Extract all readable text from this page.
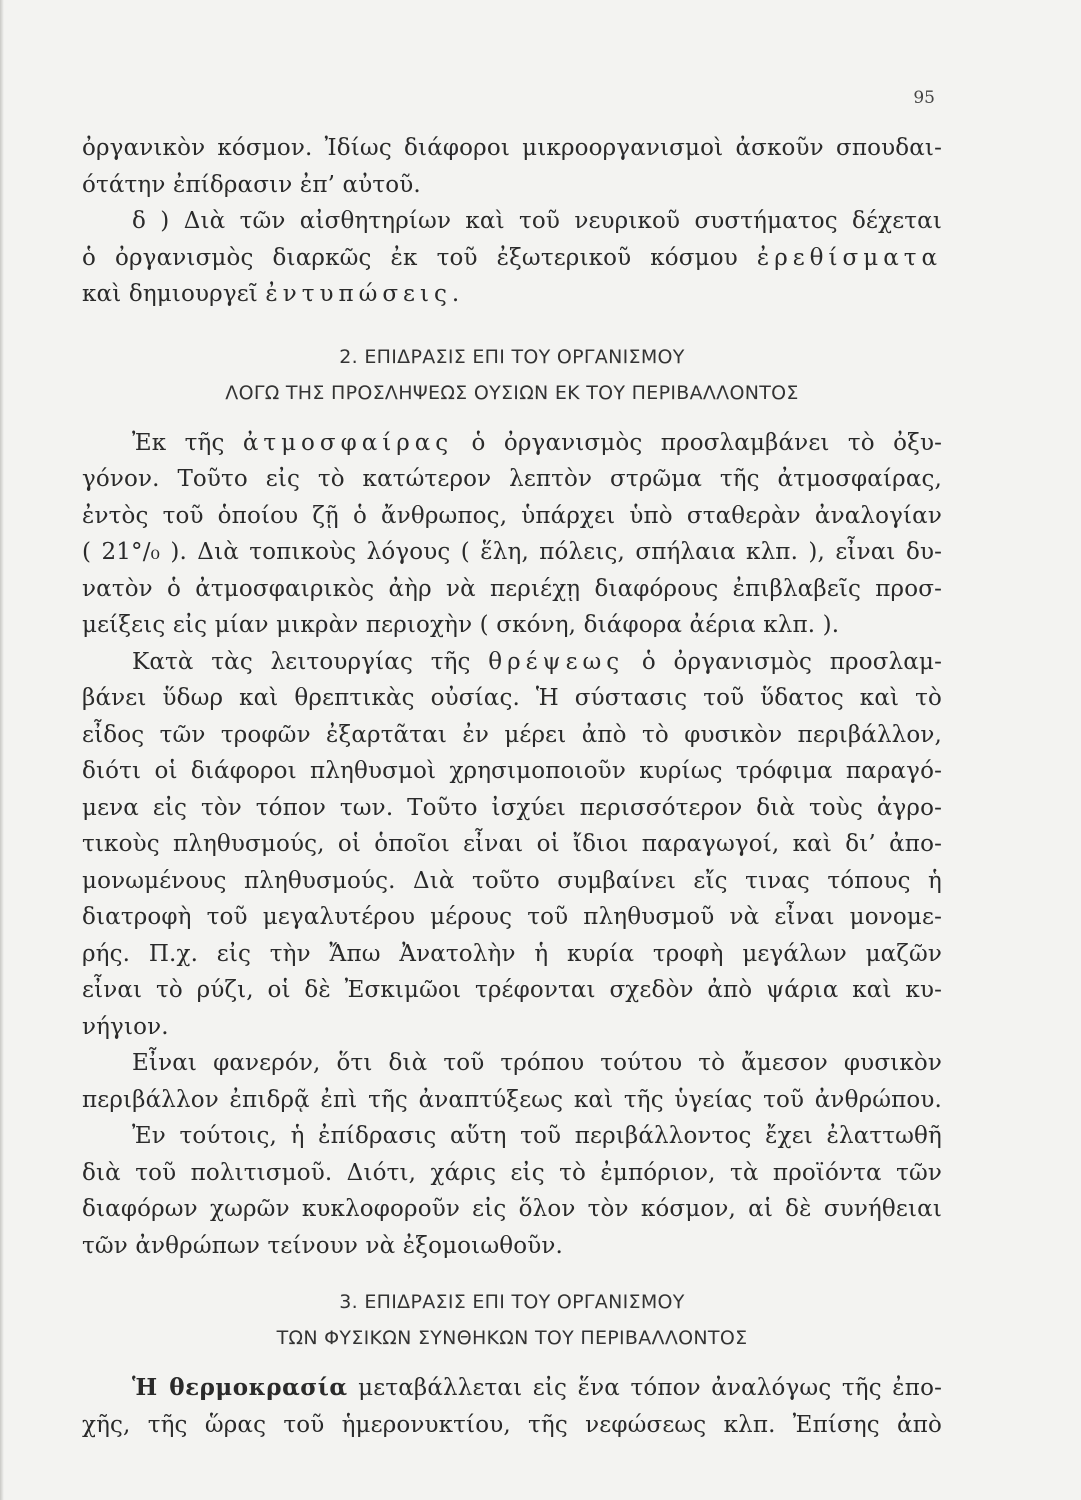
95
ὀργανικὸν κόσμον. Ἰδίως διάφοροι μικροοργανισμοὶ ἀσκοῦν σπουδαι-
ότάτην ἐπίδρασιν ἐπ’ αὐτοῦ.
δ ) Διὰ τῶν αἰσθητηρίων καὶ τοῦ νευρικοῦ συστήματος δέχεται
ὁ ὀργανισμὸς διαρκῶς ἐκ τοῦ ἐξωτερικοῦ κόσμου ἐρεθίσματα
καὶ δημιουργεῖ ἐντυπώσεις.
2. ΕΠΙΔΡΑΣΙΣ ΕΠΙ ΤΟΥ ΟΡΓΑΝΙΣΜΟΥ
ΛΟΓΩ ΤΗΣ ΠΡΟΣΛΗΨΕΩΣ ΟΥΣΙΩΝ ΕΚ ΤΟΥ ΠΕΡΙΒΑΛΛΟΝΤΟΣ
Ἐκ τῆς ἀτμοσφαίρας ὁ ὀργανισμὸς προσλαμβάνει τὸ ὀξυ-
γόνον. Τοῦτο εἰς τὸ κατώτερον λεπτὸν στρῶμα τῆς ἀτμοσφαίρας,
ἐντὸς τοῦ ὁποίου ζῇ ὁ ἄνθρωπος, ὑπάρχει ὑπὸ σταθερὰν ἀναλογίαν
( 21°/₀ ). Διὰ τοπικοὺς λόγους ( ἕλη, πόλεις, σπήλαια κλπ. ), εἶναι δυ-
νατὸν ὁ ἀτμοσφαιρικὸς ἀὴρ νὰ περιέχῃ διαφόρους ἐπιβλαβεῖς προσ-
μείξεις εἰς μίαν μικρὰν περιοχὴν ( σκόνη, διάφορα ἀέρια κλπ. ).
Κατὰ τὰς λειτουργίας τῆς θρέψεως ὁ ὀργανισμὸς προσλαμ-
βάνει ὕδωρ καὶ θρεπτικὰς οὐσίας. Ἡ σύστασις τοῦ ὕδατος καὶ τὸ
εἶδος τῶν τροφῶν ἐξαρτᾶται ἐν μέρει ἀπὸ τὸ φυσικὸν περιβάλλον,
διότι οἱ διάφοροι πληθυσμοὶ χρησιμοποιοῦν κυρίως τρόφιμα παραγό-
μενα εἰς τὸν τόπον των. Τοῦτο ἰσχύει περισσότερον διὰ τοὺς ἀγρο-
τικοὺς πληθυσμούς, οἱ ὁποῖοι εἶναι οἱ ἴδιοι παραγωγοί, καὶ δι’ ἀπο-
μονωμένους πληθυσμούς. Διὰ τοῦτο συμβαίνει εἴς τινας τόπους ἡ
διατροφὴ τοῦ μεγαλυτέρου μέρους τοῦ πληθυσμοῦ νὰ εἶναι μονομε-
ρής. Π.χ. εἰς τὴν Ἄπω Ἀνατολὴν ἡ κυρία τροφὴ μεγάλων μαζῶν
εἶναι τὸ ρύζι, οἱ δὲ Ἐσκιμῶοι τρέφονται σχεδὸν ἀπὸ ψάρια καὶ κυ-
νήγιον.
Εἶναι φανερόν, ὅτι διὰ τοῦ τρόπου τούτου τὸ ἄμεσον φυσικὸν
περιβάλλον ἐπιδρᾷ ἐπὶ τῆς ἀναπτύξεως καὶ τῆς ὑγείας τοῦ ἀνθρώπου.
Ἐν τούτοις, ἡ ἐπίδρασις αὕτη τοῦ περιβάλλοντος ἔχει ἐλαττωθῆ
διὰ τοῦ πολιτισμοῦ. Διότι, χάρις εἰς τὸ ἐμπόριον, τὰ προϊόντα τῶν
διαφόρων χωρῶν κυκλοφοροῦν εἰς ὅλον τὸν κόσμον, αἱ δὲ συνήθειαι
τῶν ἀνθρώπων τείνουν νὰ ἐξομοιωθοῦν.
3. ΕΠΙΔΡΑΣΙΣ ΕΠΙ ΤΟΥ ΟΡΓΑΝΙΣΜΟΥ
ΤΩΝ ΦΥΣΙΚΩΝ ΣΥΝΘΗΚΩΝ ΤΟΥ ΠΕΡΙΒΑΛΛΟΝΤΟΣ
Ἡ θερμοκρασία μεταβάλλεται εἰς ἕνα τόπον ἀναλόγως τῆς ἐπο-
χῆς, τῆς ὥρας τοῦ ἡμερονυκτίου, τῆς νεφώσεως κλπ. Ἐπίσης ἀπὸ
